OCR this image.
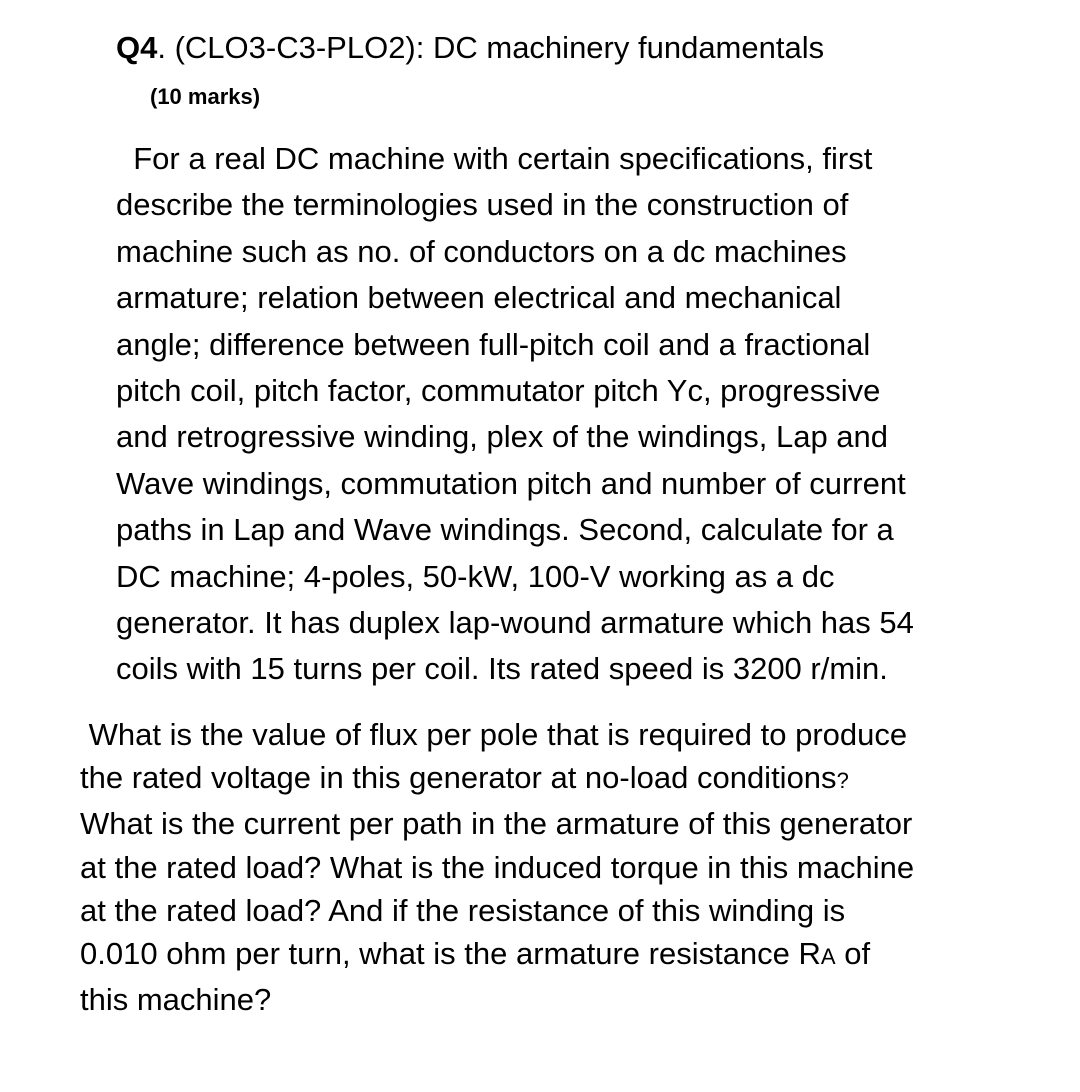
Q4. (CLO3-C3-PLO2): DC machinery fundamentals
(10 marks)
For a real DC machine with certain specifications, first
describe the terminologies used in the construction of
machine such as no. of conductors on a dc machines
armature; relation between electrical and mechanical
angle; difference between full-pitch coil and a fractional
pitch coil, pitch factor, commutator pitch Yc, progressive
and retrogressive winding, plex of the windings, Lap and
Wave windings, commutation pitch and number of current
paths in Lap and Wave windings. Second, calculate for a
DC machine; 4-poles, 50-kW, 100-V working as a dc
generator. It has duplex lap-wound armature which has 54
coils with 15 turns per coil. Its rated speed is 3200 r/min.
What is the value of flux per pole that is required to produce
the rated voltage in this generator at no-load conditions?
What is the current per path in the armature of this generator
at the rated load? What is the induced torque in this machine
at the rated load? And if the resistance of this winding is
0.010 ohm per turn, what is the armature resistance RA of
this machine?
